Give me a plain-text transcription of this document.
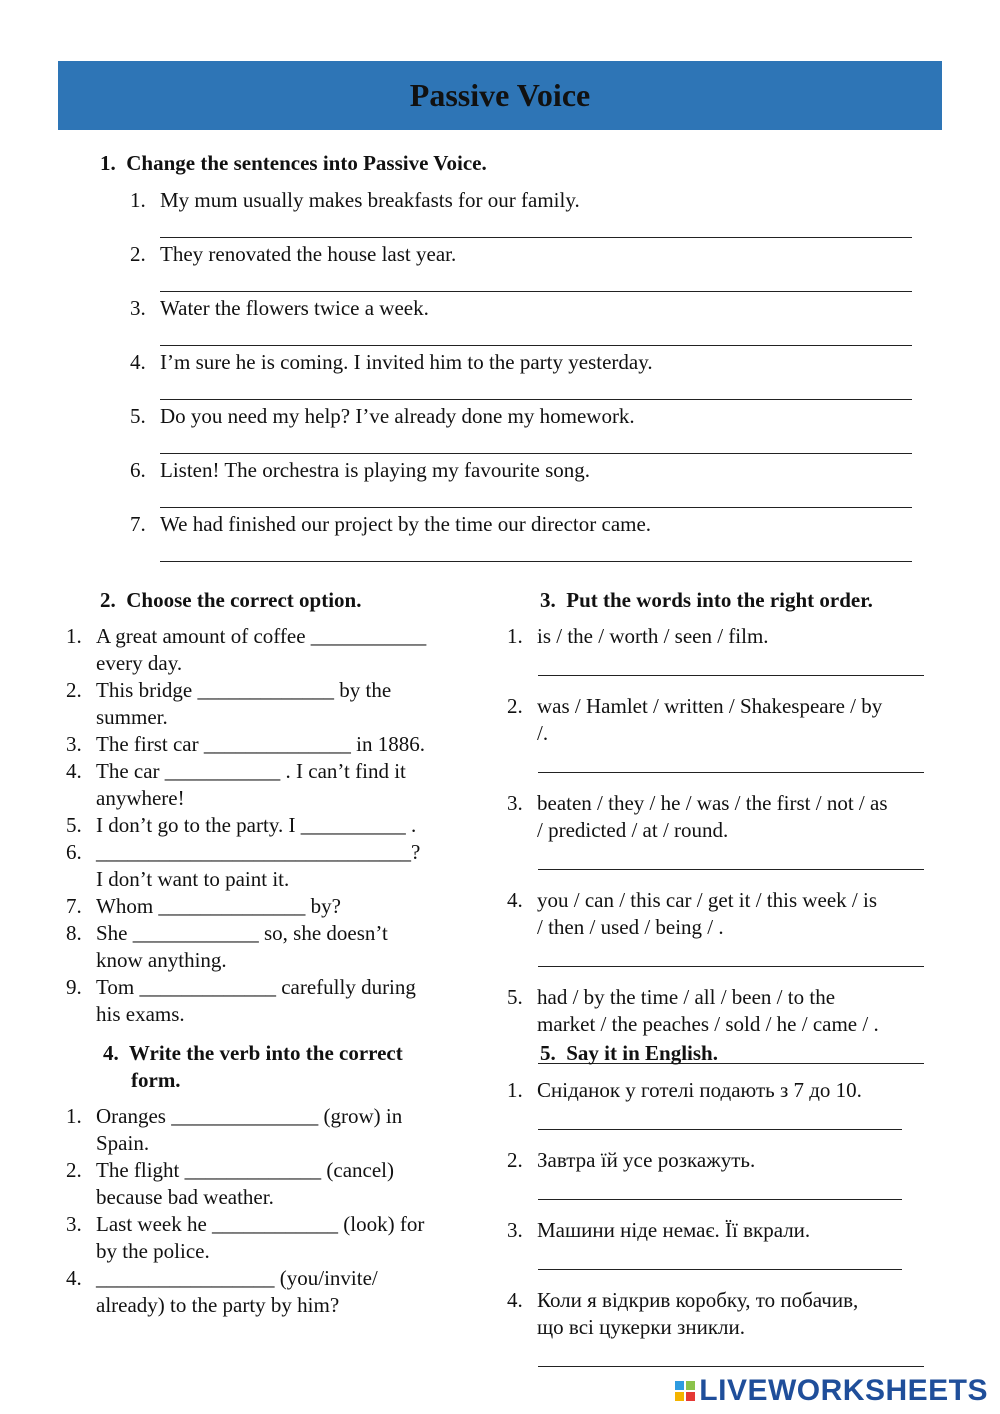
Passive Voice
1. Change the sentences into Passive Voice.
1. My mum usually makes breakfasts for our family.
2. They renovated the house last year.
3. Water the flowers twice a week.
4. I’m sure he is coming. I invited him to the party yesterday.
5. Do you need my help? I’ve already done my homework.
6. Listen! The orchestra is playing my favourite song.
7. We had finished our project by the time our director came.
2. Choose the correct option.
1. A great amount of coffee ___________
every day.
2. This bridge _____________ by the
summer.
3. The first car ______________ in 1886.
4. The car ___________ . I can’t find it
anywhere!
5. I don’t go to the party. I __________ .
6. ______________________________?
I don’t want to paint it.
7. Whom ______________ by?
8. She ____________ so, she doesn’t
know anything.
9. Tom _____________ carefully during
his exams.
3. Put the words into the right order.
1. is / the / worth / seen / film.
2. was / Hamlet / written / Shakespeare / by
/.
3. beaten / they / he / was / the first / not / as
/ predicted / at / round.
4. you / can / this car / get it / this week / is
/ then / used / being / .
5. had / by the time / all / been / to the
market / the peaches / sold / he / came / .
4. Write the verb into the correct
form.
1. Oranges ______________ (grow) in
Spain.
2. The flight _____________ (cancel)
because bad weather.
3. Last week he ____________ (look) for
by the police.
4. _________________ (you/invite/
already) to the party by him?
5. Say it in English.
1. Сніданок у готелі подають з 7 до 10.
2. Завтра їй усе розкажуть.
3. Машини ніде немає. Її вкрали.
4. Коли я відкрив коробку, то побачив,
що всі цукерки зникли.
LIVEWORKSHEETS
